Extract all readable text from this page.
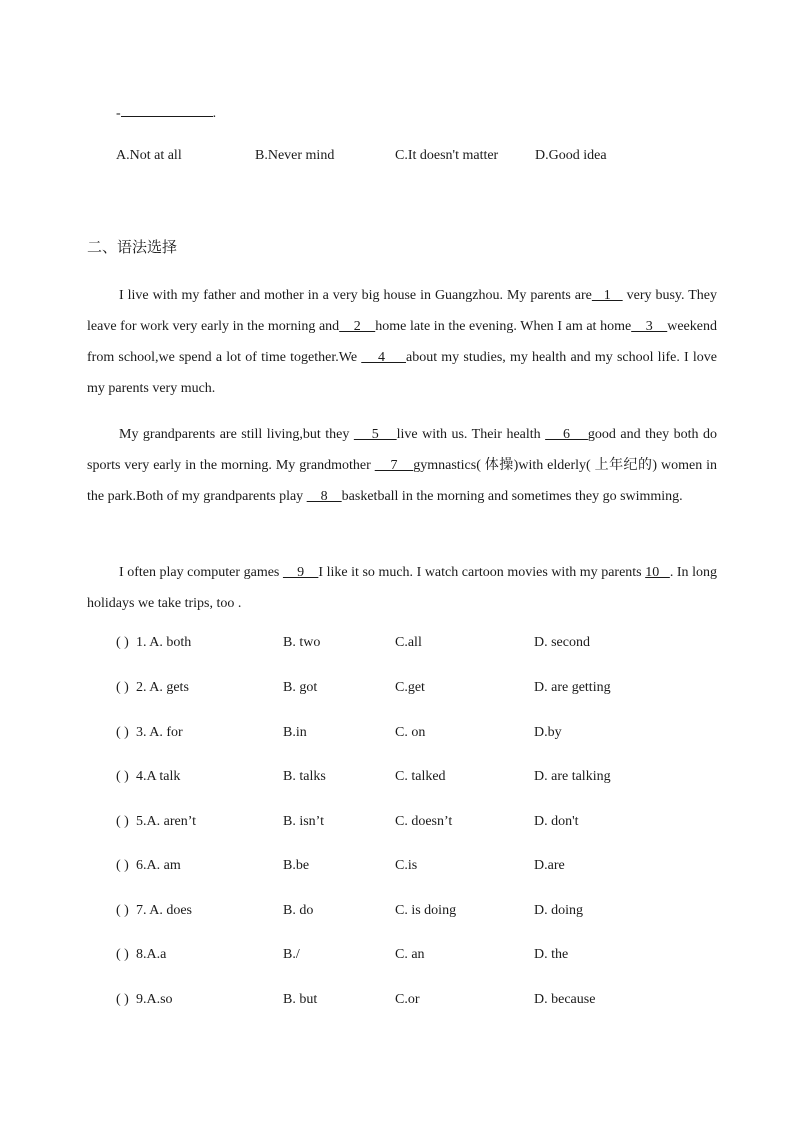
-	.
A.Not at all	B.Never mind	C.It doesn't matter	D.Good idea
二、语法选择

I live with my father and mother in a very big house in Guangzhou. My parents are   1    very busy. They leave for work very early in the morning and    2    home late in the evening. When I am at home    3    weekend from school,we spend a lot of time together.We     4     about my studies, my health and my school life. I love my parents very much.

My grandparents are still living,but they     5    live with us. Their health     6    good and they both do sports very early in the morning. My grandmother     7    gymnastics( 体操)with elderly( 上年纪的) women in the park.Both of my grandparents play     8    basketball in the morning and sometimes they go swimming.

I often play computer games     9    I like it so much. I watch cartoon movies with my parents 10   . In long holidays we take trips, too .

( ) 1. A. both	B. two	C.all	D. second
( ) 2. A. gets	B. got	C.get	D. are getting
( ) 3. A. for	B.in	C. on	D.by
( ) 4.A talk	B. talks	C. talked	D. are talking
( ) 5.A. aren’t	B. isn’t	C. doesn’t	D. don't
( ) 6.A. am	B.be	C.is	D.are
( ) 7. A. does	B. do	C. is doing	D. doing
( ) 8.A.a	B./	C. an	D. the
( ) 9.A.so	B. but	C.or	D. because
